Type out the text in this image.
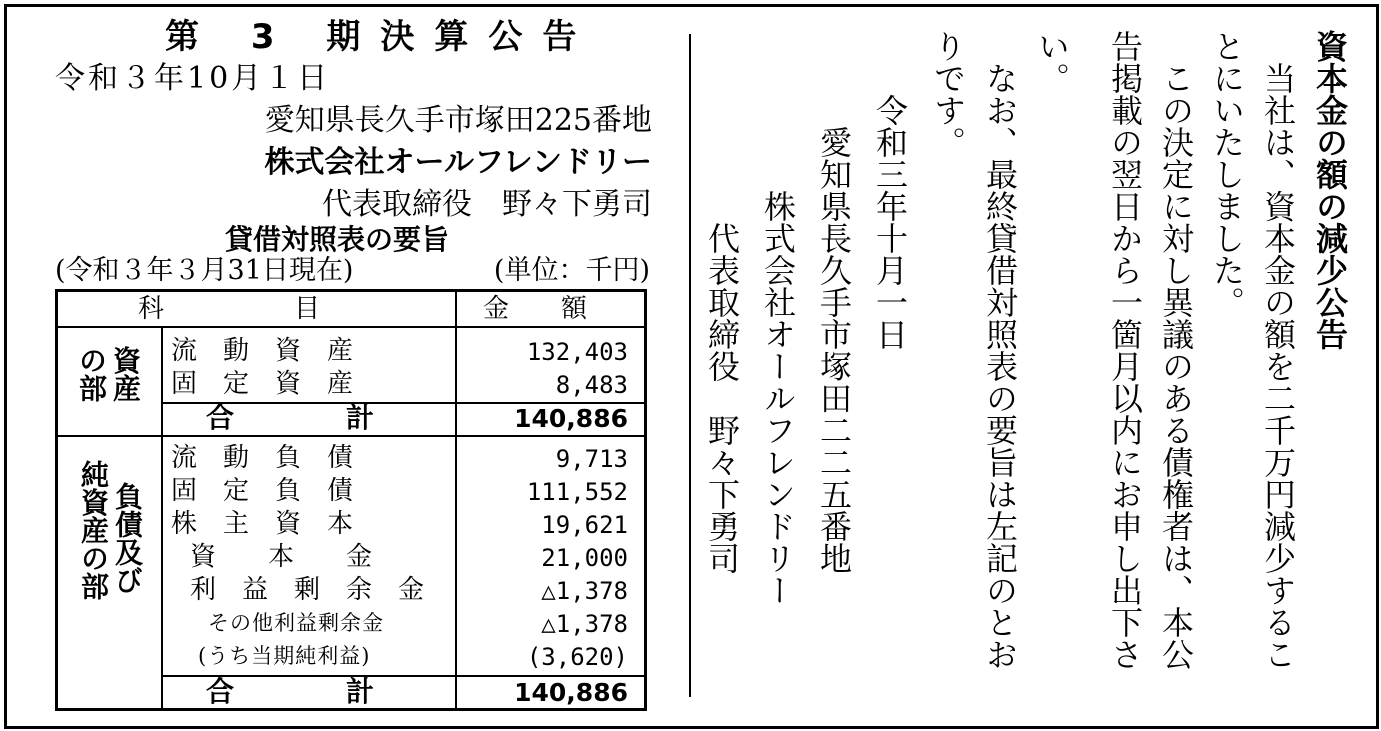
第 3 期決算公告
令和３年10月１日
愛知県長久手市塚田225番地
株式会社オールフレンドリー
代表取締役　野々下勇司
貸借対照表の要旨
(令和３年３月31日現在)	(単位：千円)
科　　　　　目	金　　額
資産
の部 流　動　資　産	132,403
固　定　資　産	8,483
合　　　　計	140,886
負債及び
純資産の部
流　動　負　債	9,713
固　定　負　債	111,552
株　主　資　本	19,621
資　　本　　金	21,000
利　益　剰　余　金	△1,378
その他利益剰余金	△1,378
(うち当期純利益)	(3,620)
合　　　　計	140,886
資本金の額の減少公告
　当社は、資本金の額を二千万円減少するこ
とにいたしました。
　この決定に対し異議のある債権者は、本公
告掲載の翌日から一箇月以内にお申し出下さ
い。
　なお、最終貸借対照表の要旨は左記のとお
りです。
　　令和三年十月一日
　　　愛知県長久手市塚田二二五番地
　　　　　株式会社オールフレンドリー
　　　　　　代表取締役　野々下勇司
